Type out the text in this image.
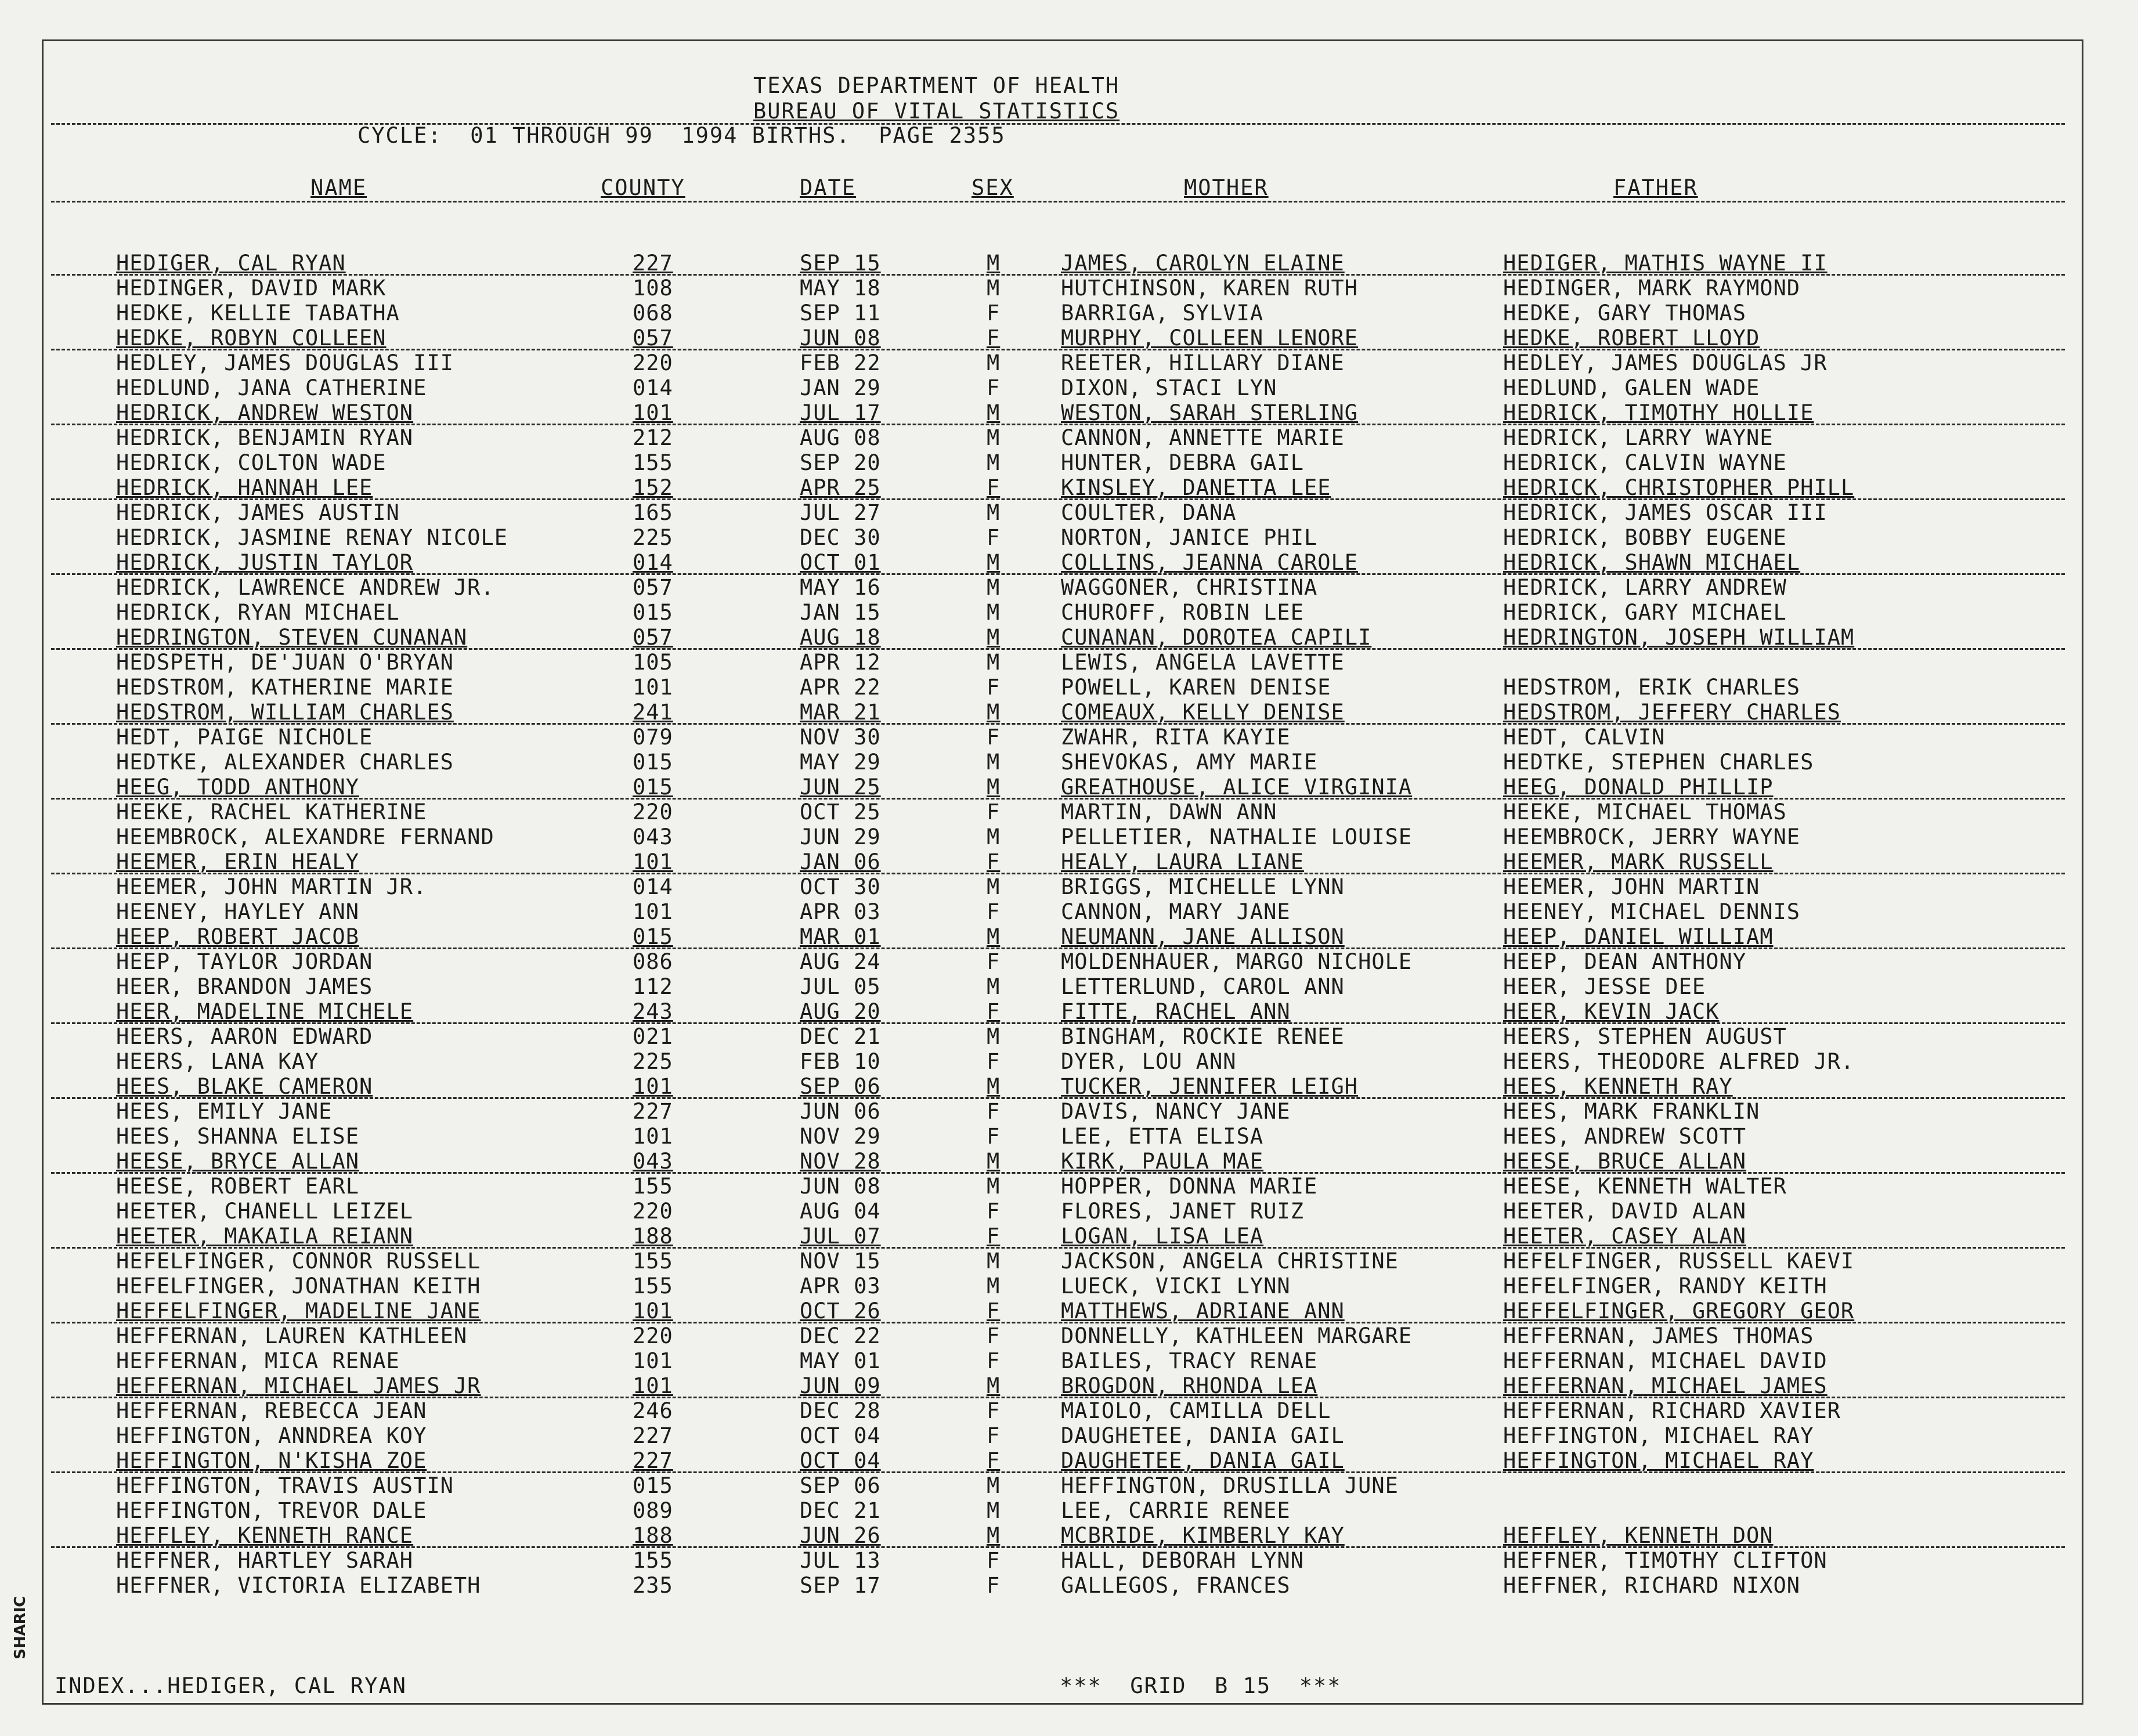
SHARIC
TEXAS DEPARTMENT OF HEALTH
BUREAU OF VITAL STATISTICS
CYCLE:  01 THROUGH 99  1994 BIRTHS.  PAGE 2355
NAME	COUNTY	DATE	SEX	MOTHER	FATHER
HEDIGER, CAL RYAN	227	SEP 15	M	JAMES, CAROLYN ELAINE	HEDIGER, MATHIS WAYNE II
HEDINGER, DAVID MARK	108	MAY 18	M	HUTCHINSON, KAREN RUTH	HEDINGER, MARK RAYMOND
HEDKE, KELLIE TABATHA	068	SEP 11	F	BARRIGA, SYLVIA	HEDKE, GARY THOMAS
HEDKE, ROBYN COLLEEN	057	JUN 08	F	MURPHY, COLLEEN LENORE	HEDKE, ROBERT LLOYD
HEDLEY, JAMES DOUGLAS III	220	FEB 22	M	REETER, HILLARY DIANE	HEDLEY, JAMES DOUGLAS JR
HEDLUND, JANA CATHERINE	014	JAN 29	F	DIXON, STACI LYN	HEDLUND, GALEN WADE
HEDRICK, ANDREW WESTON	101	JUL 17	M	WESTON, SARAH STERLING	HEDRICK, TIMOTHY HOLLIE
HEDRICK, BENJAMIN RYAN	212	AUG 08	M	CANNON, ANNETTE MARIE	HEDRICK, LARRY WAYNE
HEDRICK, COLTON WADE	155	SEP 20	M	HUNTER, DEBRA GAIL	HEDRICK, CALVIN WAYNE
HEDRICK, HANNAH LEE	152	APR 25	F	KINSLEY, DANETTA LEE	HEDRICK, CHRISTOPHER PHILL
HEDRICK, JAMES AUSTIN	165	JUL 27	M	COULTER, DANA	HEDRICK, JAMES OSCAR III
HEDRICK, JASMINE RENAY NICOLE	225	DEC 30	F	NORTON, JANICE PHIL	HEDRICK, BOBBY EUGENE
HEDRICK, JUSTIN TAYLOR	014	OCT 01	M	COLLINS, JEANNA CAROLE	HEDRICK, SHAWN MICHAEL
HEDRICK, LAWRENCE ANDREW JR.	057	MAY 16	M	WAGGONER, CHRISTINA	HEDRICK, LARRY ANDREW
HEDRICK, RYAN MICHAEL	015	JAN 15	M	CHUROFF, ROBIN LEE	HEDRICK, GARY MICHAEL
HEDRINGTON, STEVEN CUNANAN	057	AUG 18	M	CUNANAN, DOROTEA CAPILI	HEDRINGTON, JOSEPH WILLIAM
HEDSPETH, DE'JUAN O'BRYAN	105	APR 12	M	LEWIS, ANGELA LAVETTE
HEDSTROM, KATHERINE MARIE	101	APR 22	F	POWELL, KAREN DENISE	HEDSTROM, ERIK CHARLES
HEDSTROM, WILLIAM CHARLES	241	MAR 21	M	COMEAUX, KELLY DENISE	HEDSTROM, JEFFERY CHARLES
HEDT, PAIGE NICHOLE	079	NOV 30	F	ZWAHR, RITA KAYIE	HEDT, CALVIN
HEDTKE, ALEXANDER CHARLES	015	MAY 29	M	SHEVOKAS, AMY MARIE	HEDTKE, STEPHEN CHARLES
HEEG, TODD ANTHONY	015	JUN 25	M	GREATHOUSE, ALICE VIRGINIA	HEEG, DONALD PHILLIP
HEEKE, RACHEL KATHERINE	220	OCT 25	F	MARTIN, DAWN ANN	HEEKE, MICHAEL THOMAS
HEEMBROCK, ALEXANDRE FERNAND	043	JUN 29	M	PELLETIER, NATHALIE LOUISE	HEEMBROCK, JERRY WAYNE
HEEMER, ERIN HEALY	101	JAN 06	F	HEALY, LAURA LIANE	HEEMER, MARK RUSSELL
HEEMER, JOHN MARTIN JR.	014	OCT 30	M	BRIGGS, MICHELLE LYNN	HEEMER, JOHN MARTIN
HEENEY, HAYLEY ANN	101	APR 03	F	CANNON, MARY JANE	HEENEY, MICHAEL DENNIS
HEEP, ROBERT JACOB	015	MAR 01	M	NEUMANN, JANE ALLISON	HEEP, DANIEL WILLIAM
HEEP, TAYLOR JORDAN	086	AUG 24	F	MOLDENHAUER, MARGO NICHOLE	HEEP, DEAN ANTHONY
HEER, BRANDON JAMES	112	JUL 05	M	LETTERLUND, CAROL ANN	HEER, JESSE DEE
HEER, MADELINE MICHELE	243	AUG 20	F	FITTE, RACHEL ANN	HEER, KEVIN JACK
HEERS, AARON EDWARD	021	DEC 21	M	BINGHAM, ROCKIE RENEE	HEERS, STEPHEN AUGUST
HEERS, LANA KAY	225	FEB 10	F	DYER, LOU ANN	HEERS, THEODORE ALFRED JR.
HEES, BLAKE CAMERON	101	SEP 06	M	TUCKER, JENNIFER LEIGH	HEES, KENNETH RAY
HEES, EMILY JANE	227	JUN 06	F	DAVIS, NANCY JANE	HEES, MARK FRANKLIN
HEES, SHANNA ELISE	101	NOV 29	F	LEE, ETTA ELISA	HEES, ANDREW SCOTT
HEESE, BRYCE ALLAN	043	NOV 28	M	KIRK, PAULA MAE	HEESE, BRUCE ALLAN
HEESE, ROBERT EARL	155	JUN 08	M	HOPPER, DONNA MARIE	HEESE, KENNETH WALTER
HEETER, CHANELL LEIZEL	220	AUG 04	F	FLORES, JANET RUIZ	HEETER, DAVID ALAN
HEETER, MAKAILA REIANN	188	JUL 07	F	LOGAN, LISA LEA	HEETER, CASEY ALAN
HEFELFINGER, CONNOR RUSSELL	155	NOV 15	M	JACKSON, ANGELA CHRISTINE	HEFELFINGER, RUSSELL KAEVI
HEFELFINGER, JONATHAN KEITH	155	APR 03	M	LUECK, VICKI LYNN	HEFELFINGER, RANDY KEITH
HEFFELFINGER, MADELINE JANE	101	OCT 26	F	MATTHEWS, ADRIANE ANN	HEFFELFINGER, GREGORY GEOR
HEFFERNAN, LAUREN KATHLEEN	220	DEC 22	F	DONNELLY, KATHLEEN MARGARE	HEFFERNAN, JAMES THOMAS
HEFFERNAN, MICA RENAE	101	MAY 01	F	BAILES, TRACY RENAE	HEFFERNAN, MICHAEL DAVID
HEFFERNAN, MICHAEL JAMES JR	101	JUN 09	M	BROGDON, RHONDA LEA	HEFFERNAN, MICHAEL JAMES
HEFFERNAN, REBECCA JEAN	246	DEC 28	F	MAIOLO, CAMILLA DELL	HEFFERNAN, RICHARD XAVIER
HEFFINGTON, ANNDREA KOY	227	OCT 04	F	DAUGHETEE, DANIA GAIL	HEFFINGTON, MICHAEL RAY
HEFFINGTON, N'KISHA ZOE	227	OCT 04	F	DAUGHETEE, DANIA GAIL	HEFFINGTON, MICHAEL RAY
HEFFINGTON, TRAVIS AUSTIN	015	SEP 06	M	HEFFINGTON, DRUSILLA JUNE
HEFFINGTON, TREVOR DALE	089	DEC 21	M	LEE, CARRIE RENEE
HEFFLEY, KENNETH RANCE	188	JUN 26	M	MCBRIDE, KIMBERLY KAY	HEFFLEY, KENNETH DON
HEFFNER, HARTLEY SARAH	155	JUL 13	F	HALL, DEBORAH LYNN	HEFFNER, TIMOTHY CLIFTON
HEFFNER, VICTORIA ELIZABETH	235	SEP 17	F	GALLEGOS, FRANCES	HEFFNER, RICHARD NIXON
INDEX...HEDIGER, CAL RYAN	***  GRID  B 15  ***
